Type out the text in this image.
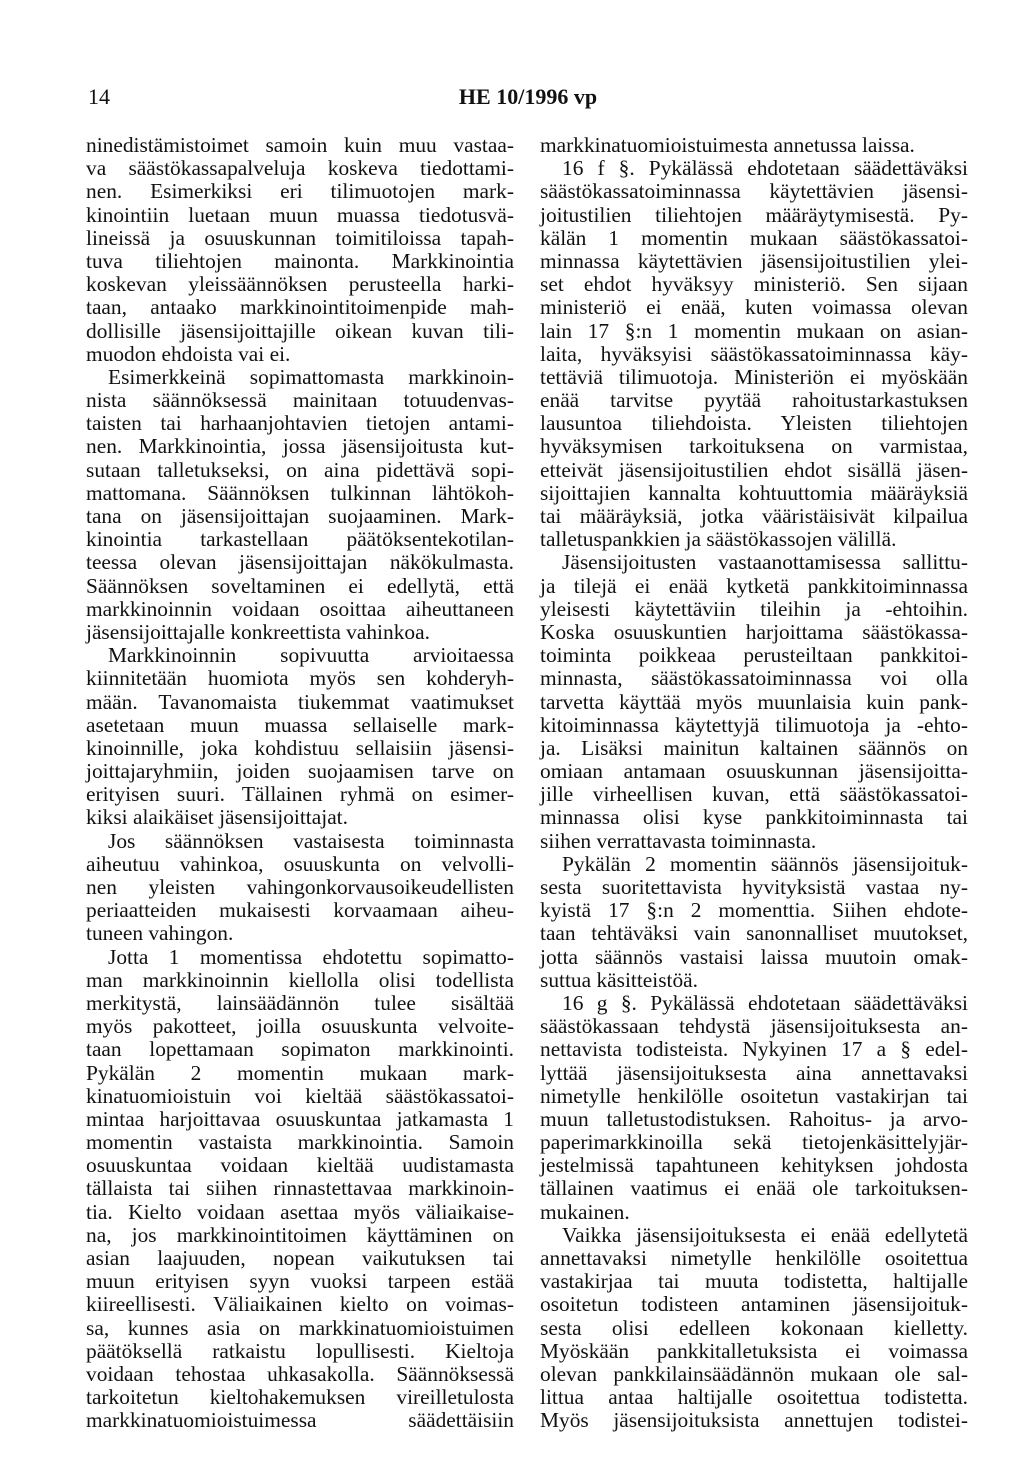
14	HE 10/1996 vp
ninedistämistoimet samoin kuin muu vastaa-
va säästökassapalveluja koskeva tiedottami-
nen. Esimerkiksi eri tilimuotojen mark-
kinointiin luetaan muun muassa tiedotusvä-
lineissä ja osuuskunnan toimitiloissa tapah-
tuva tiliehtojen mainonta. Markkinointia
koskevan yleissäännöksen perusteella harki-
taan, antaako markkinointitoimenpide mah-
dollisille jäsensijoittajille oikean kuvan tili-
muodon ehdoista vai ei.
Esimerkkeinä sopimattomasta markkinoin-
nista säännöksessä mainitaan totuudenvas-
taisten tai harhaanjohtavien tietojen antami-
nen. Markkinointia, jossa jäsensijoitusta kut-
sutaan talletukseksi, on aina pidettävä sopi-
mattomana. Säännöksen tulkinnan lähtökoh-
tana on jäsensijoittajan suojaaminen. Mark-
kinointia tarkastellaan päätöksentekotilan-
teessa olevan jäsensijoittajan näkökulmasta.
Säännöksen soveltaminen ei edellytä, että
markkinoinnin voidaan osoittaa aiheuttaneen
jäsensijoittajalle konkreettista vahinkoa.
Markkinoinnin sopivuutta arvioitaessa
kiinnitetään huomiota myös sen kohderyh-
mään. Tavanomaista tiukemmat vaatimukset
asetetaan muun muassa sellaiselle mark-
kinoinnille, joka kohdistuu sellaisiin jäsensi-
joittajaryhmiin, joiden suojaamisen tarve on
erityisen suuri. Tällainen ryhmä on esimer-
kiksi alaikäiset jäsensijoittajat.
Jos säännöksen vastaisesta toiminnasta
aiheutuu vahinkoa, osuuskunta on velvolli-
nen yleisten vahingonkorvausoikeudellisten
periaatteiden mukaisesti korvaamaan aiheu-
tuneen vahingon.
Jotta 1 momentissa ehdotettu sopimatto-
man markkinoinnin kiellolla olisi todellista
merkitystä, lainsäädännön tulee sisältää
myös pakotteet, joilla osuuskunta velvoite-
taan lopettamaan sopimaton markkinointi.
Pykälän 2 momentin mukaan mark-
kinatuomioistuin voi kieltää säästökassatoi-
mintaa harjoittavaa osuuskuntaa jatkamasta 1
momentin vastaista markkinointia. Samoin
osuuskuntaa voidaan kieltää uudistamasta
tällaista tai siihen rinnastettavaa markkinoin-
tia. Kielto voidaan asettaa myös väliaikaise-
na, jos markkinointitoimen käyttäminen on
asian laajuuden, nopean vaikutuksen tai
muun erityisen syyn vuoksi tarpeen estää
kiireellisesti. Väliaikainen kielto on voimas-
sa, kunnes asia on markkinatuomioistuimen
päätöksellä ratkaistu lopullisesti. Kieltoja
voidaan tehostaa uhkasakolla. Säännöksessä
tarkoitetun kieltohakemuksen vireilletulosta
markkinatuomioistuimessa säädettäisiin
markkinatuomioistuimesta annetussa laissa.
16 f §. Pykälässä ehdotetaan säädettäväksi
säästökassatoiminnassa käytettävien jäsensi-
joitustilien tiliehtojen määräytymisestä. Py-
kälän 1 momentin mukaan säästökassatoi-
minnassa käytettävien jäsensijoitustilien ylei-
set ehdot hyväksyy ministeriö. Sen sijaan
ministeriö ei enää, kuten voimassa olevan
lain 17 §:n 1 momentin mukaan on asian-
laita, hyväksyisi säästökassatoiminnassa käy-
tettäviä tilimuotoja. Ministeriön ei myöskään
enää tarvitse pyytää rahoitustarkastuksen
lausuntoa tiliehdoista. Yleisten tiliehtojen
hyväksymisen tarkoituksena on varmistaa,
etteivät jäsensijoitustilien ehdot sisällä jäsen-
sijoittajien kannalta kohtuuttomia määräyksiä
tai määräyksiä, jotka vääristäisivät kilpailua
talletuspankkien ja säästökassojen välillä.
Jäsensijoitusten vastaanottamisessa sallittu-
ja tilejä ei enää kytketä pankkitoiminnassa
yleisesti käytettäviin tileihin ja -ehtoihin.
Koska osuuskuntien harjoittama säästökassa-
toiminta poikkeaa perusteiltaan pankkitoi-
minnasta, säästökassatoiminnassa voi olla
tarvetta käyttää myös muunlaisia kuin pank-
kitoiminnassa käytettyjä tilimuotoja ja -ehto-
ja. Lisäksi mainitun kaltainen säännös on
omiaan antamaan osuuskunnan jäsensijoitta-
jille virheellisen kuvan, että säästökassatoi-
minnassa olisi kyse pankkitoiminnasta tai
siihen verrattavasta toiminnasta.
Pykälän 2 momentin säännös jäsensijoituk-
sesta suoritettavista hyvityksistä vastaa ny-
kyistä 17 §:n 2 momenttia. Siihen ehdote-
taan tehtäväksi vain sanonnalliset muutokset,
jotta säännös vastaisi laissa muutoin omak-
suttua käsitteistöä.
16 g §. Pykälässä ehdotetaan säädettäväksi
säästökassaan tehdystä jäsensijoituksesta an-
nettavista todisteista. Nykyinen 17 a § edel-
lyttää jäsensijoituksesta aina annettavaksi
nimetylle henkilölle osoitetun vastakirjan tai
muun talletustodistuksen. Rahoitus- ja arvo-
paperimarkkinoilla sekä tietojenkäsittelyjär-
jestelmissä tapahtuneen kehityksen johdosta
tällainen vaatimus ei enää ole tarkoituksen-
mukainen.
Vaikka jäsensijoituksesta ei enää edellytetä
annettavaksi nimetylle henkilölle osoitettua
vastakirjaa tai muuta todistetta, haltijalle
osoitetun todisteen antaminen jäsensijoituk-
sesta olisi edelleen kokonaan kielletty.
Myöskään pankkitalletuksista ei voimassa
olevan pankkilainsäädännön mukaan ole sal-
littua antaa haltijalle osoitettua todistetta.
Myös jäsensijoituksista annettujen todistei-
